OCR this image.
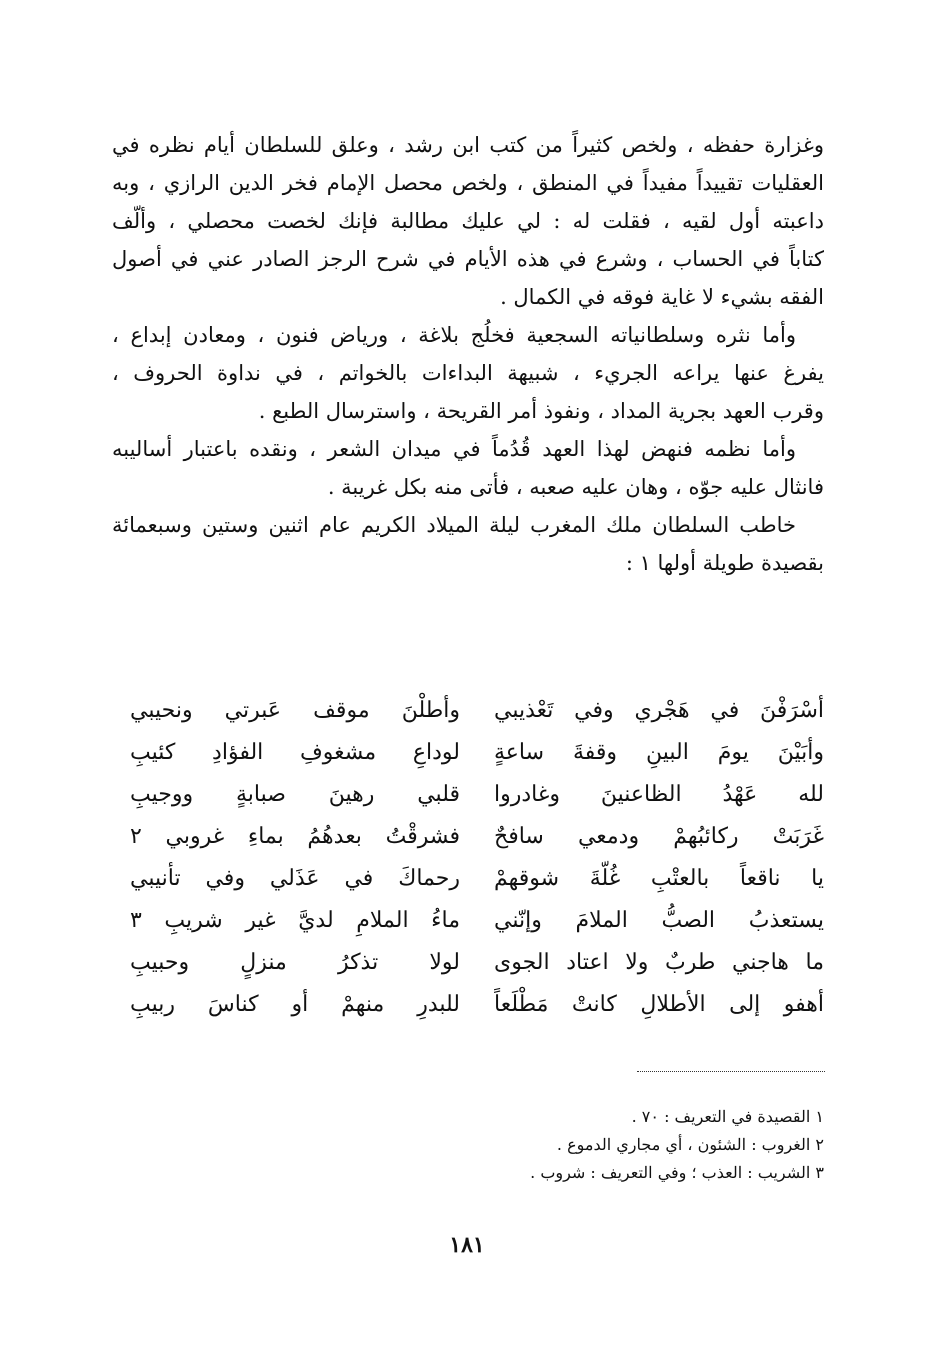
وغزارة حفظه ، ولخص كثيراً من كتب ابن رشد ، وعلق للسلطان أيام نظره في
العقليات تقييداً مفيداً في المنطق ، ولخص محصل الإمام فخر الدين الرازي ، وبه
داعبته أول لقيه ، فقلت له : لي عليك مطالبة فإنك لخصت محصلي ، وألّف
كتاباً في الحساب ، وشرع في هذه الأيام في شرح الرجز الصادر عني في أصول
الفقه بشيء لا غاية فوقه في الكمال .
وأما نثره وسلطانياته السجعية فخلُج بلاغة ، ورياض فنون ، ومعادن إبداع ،
يفرغ عنها يراعه الجريء ، شبيهة البداءات بالخواتم ، في نداوة الحروف ،
وقرب العهد بجرية المداد ، ونفوذ أمر القريحة ، واسترسال الطبع .
وأما نظمه فنهض لهذا العهد قُدُماً في ميدان الشعر ، ونقده باعتبار أساليبه
فانثال عليه جوّه ، وهان عليه صعبه ، فأتى منه بكل غريبة .
خاطب السلطان ملك المغرب ليلة الميلاد الكريم عام اثنين وستين وسبعمائة
بقصيدة طويلة أولها ١ :
أسْرَفْنَ في هَجْري وفي تَعْذيبي
وأطلْنَ موقف عَبرتي ونحيبي
وأبَيْنَ يومَ البينِ وقفةَ ساعةٍ
لوداعِ مشغوفِ الفؤادِ كئيبِ
لله عَهْدُ الظاعنينَ وغادروا
قلبي رهينَ صبابةٍ ووجيبِ
غَرَبَتْ ركائبُهمْ ودمعي سافحٌ
فشرقْتُ بعدهُمُ بماءِ غروبي ٢
يا ناقعاً بالعتْبِ غُلّةَ شوقهمْ
رحماكَ في عَذَلي وفي تأنيبي
يستعذبُ الصبُّ الملامَ وإنّني
ماءُ الملامِ لديَّ غير شريبِ ٣
ما هاجني طربٌ ولا اعتاد الجوى
لولا تذكرُ منزلٍ وحبيبِ
أهفو إلى الأطلالِ كانتْ مَطْلَعاً
للبدرِ منهمْ أو كناسَ ربيبِ
١ القصيدة في التعريف : ٧٠ .
٢ الغروب : الشئون ، أي مجاري الدموع .
٣ الشريب : العذب ؛ وفي التعريف : شروب .
١٨١
